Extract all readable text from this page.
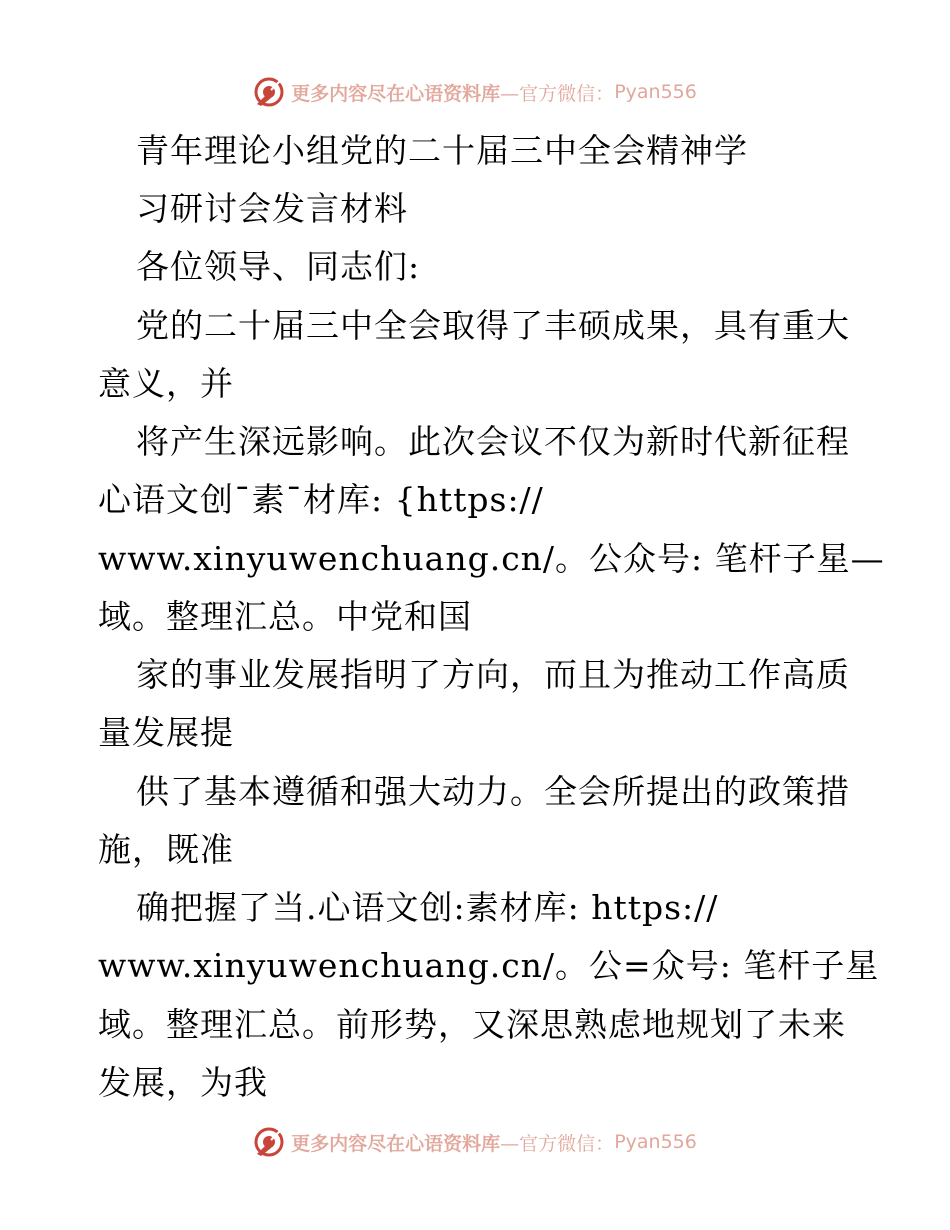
更多内容尽在心语资料库 —官方微信： Pyan556
青年理论小组党的二十届三中全会精神学
习研讨会发言材料
各位领导、同志们:
党的二十届三中全会取得了丰硕成果，具有重大
意义，并
将产生深远影响。此次会议不仅为新时代新征程
心语文创¯素¯材库: {https://
www.xinyuwenchuang.cn/。公众号: 笔杆子星—
域。整理汇总。中党和国
家的事业发展指明了方向，而且为推动工作高质
量发展提
供了基本遵循和强大动力。全会所提出的政策措
施，既准
确把握了当.心语文创:素材库: https://
www.xinyuwenchuang.cn/。公=众号: 笔杆子星
域。整理汇总。前形势，又深思熟虑地规划了未来
发展，为我
更多内容尽在心语资料库 —官方微信： Pyan556
